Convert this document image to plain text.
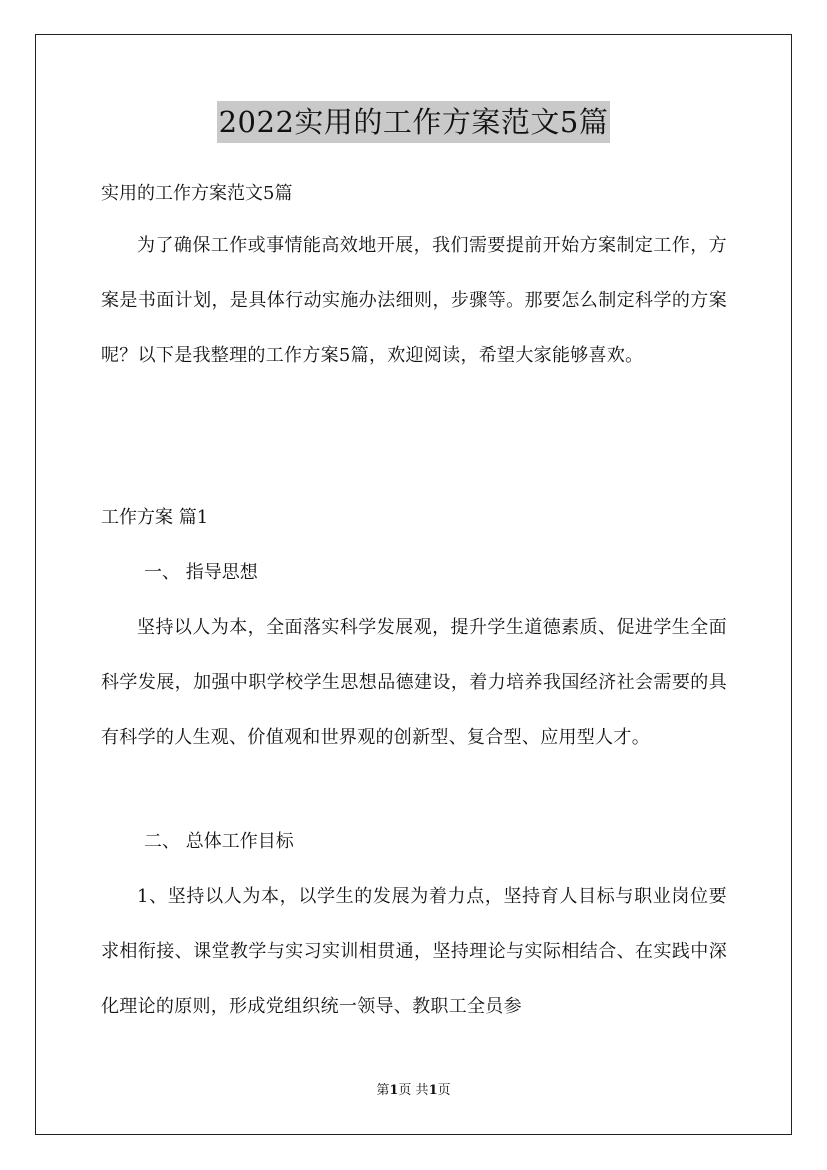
2022实用的工作方案范文5篇
实用的工作方案范文5篇
为了确保工作或事情能高效地开展，我们需要提前开始方案制定工作，方案是书面计划，是具体行动实施办法细则，步骤等。那要怎么制定科学的方案呢？以下是我整理的工作方案5篇，欢迎阅读，希望大家能够喜欢。
工作方案 篇1
一、 指导思想
坚持以人为本，全面落实科学发展观，提升学生道德素质、促进学生全面科学发展，加强中职学校学生思想品德建设，着力培养我国经济社会需要的具有科学的人生观、价值观和世界观的创新型、复合型、应用型人才。
二、 总体工作目标
1、坚持以人为本，以学生的发展为着力点，坚持育人目标与职业岗位要求相衔接、课堂教学与实习实训相贯通，坚持理论与实际相结合、在实践中深化理论的原则，形成党组织统一领导、教职工全员参
第1页 共1页
